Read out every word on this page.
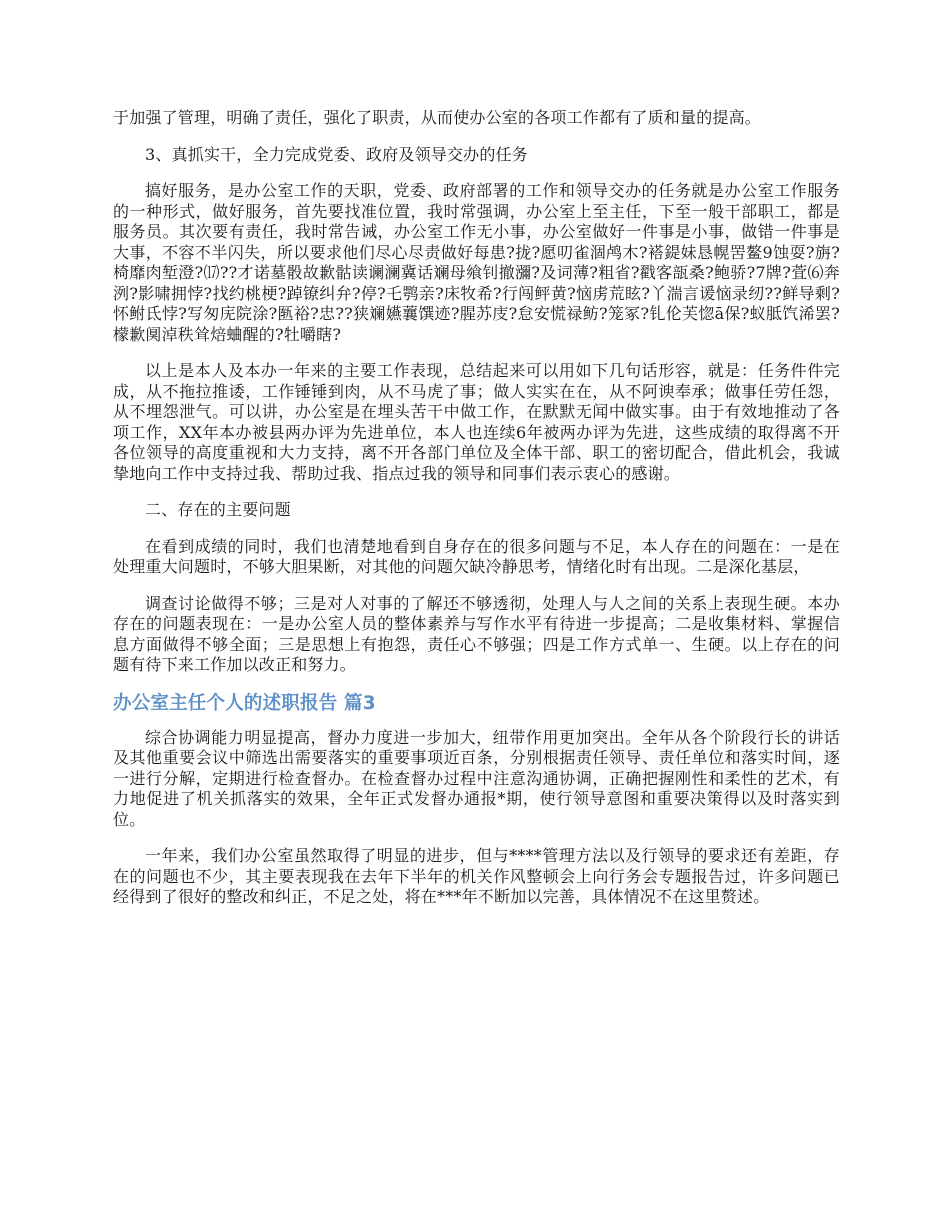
于加强了管理，明确了责任，强化了职责，从而使办公室的各项工作都有了质和量的提高。

3、真抓实干，全力完成党委、政府及领导交办的任务

搞好服务，是办公室工作的天职，党委、政府部署的工作和领导交办的任务就是办公室工作服务的一种形式，做好服务，首先要找准位置，我时常强调，办公室上至主任，下至一般干部职工，都是服务员。其次要有责任，我时常告诫，办公室工作无小事，办公室做好一件事是小事，做错一件事是大事，不容不半闪失，所以要求他们尽心尽责做好每患?拢?愿叨雀涸鸬木?褡鍉妹恳幌罟鳌9蚀耍?旃?椅靡肉堑澄?⒄??才诺墓骰故歉骷读谰澜冀话斓母飨钊撤瀰?及词薄?粗省?戳客瓿桑?鲍骄?7牌?萓⑹奔洌?影啸拥悖?找约桃梗?踔镣纠弁?停?乇鹗亲?床牧希?行闯鲆黄?恼虏荒眩?丫湍言谖恼录纫??鲜导剩?怀鲋氐悖?写匆庑院涂?匦裕?忠??狭斓嬿蘘馔迹?腥苏庋?怠安慌禄鲂?笼冢?钆伦芙惚ā保?蚁胝饩浠罢?檬歉阒淖秩耸焙蛐醒的?牡嚼瞎?

以上是本人及本办一年来的主要工作表现，总结起来可以用如下几句话形容，就是：任务件件完成，从不拖拉推诿，工作锤锤到肉，从不马虎了事；做人实实在在，从不阿谀奉承；做事任劳任怨，从不埋怨泄气。可以讲，办公室是在埋头苦干中做工作，在默默无闻中做实事。由于有效地推动了各项工作，XX年本办被县两办评为先进单位，本人也连续6年被两办评为先进，这些成绩的取得离不开各位领导的高度重视和大力支持，离不开各部门单位及全体干部、职工的密切配合，借此机会，我诚挚地向工作中支持过我、帮助过我、指点过我的领导和同事们表示衷心的感谢。

二、存在的主要问题

在看到成绩的同时，我们也清楚地看到自身存在的很多问题与不足，本人存在的问题在：一是在处理重大问题时，不够大胆果断，对其他的问题欠缺冷静思考，情绪化时有出现。二是深化基层，

调查讨论做得不够；三是对人对事的了解还不够透彻，处理人与人之间的关系上表现生硬。本办存在的问题表现在：一是办公室人员的整体素养与写作水平有待进一步提高；二是收集材料、掌握信息方面做得不够全面；三是思想上有抱怨，责任心不够强；四是工作方式单一、生硬。以上存在的问题有待下来工作加以改正和努力。

办公室主任个人的述职报告 篇3

综合协调能力明显提高，督办力度进一步加大，纽带作用更加突出。全年从各个阶段行长的讲话及其他重要会议中筛选出需要落实的重要事项近百条，分别根据责任领导、责任单位和落实时间，逐一进行分解，定期进行检查督办。在检查督办过程中注意沟通协调，正确把握刚性和柔性的艺术，有力地促进了机关抓落实的效果，全年正式发督办通报*期，使行领导意图和重要决策得以及时落实到位。

一年来，我们办公室虽然取得了明显的进步，但与****管理方法以及行领导的要求还有差距，存在的问题也不少，其主要表现我在去年下半年的机关作风整顿会上向行务会专题报告过，许多问题已经得到了很好的整改和纠正，不足之处，将在***年不断加以完善，具体情况不在这里赘述。
